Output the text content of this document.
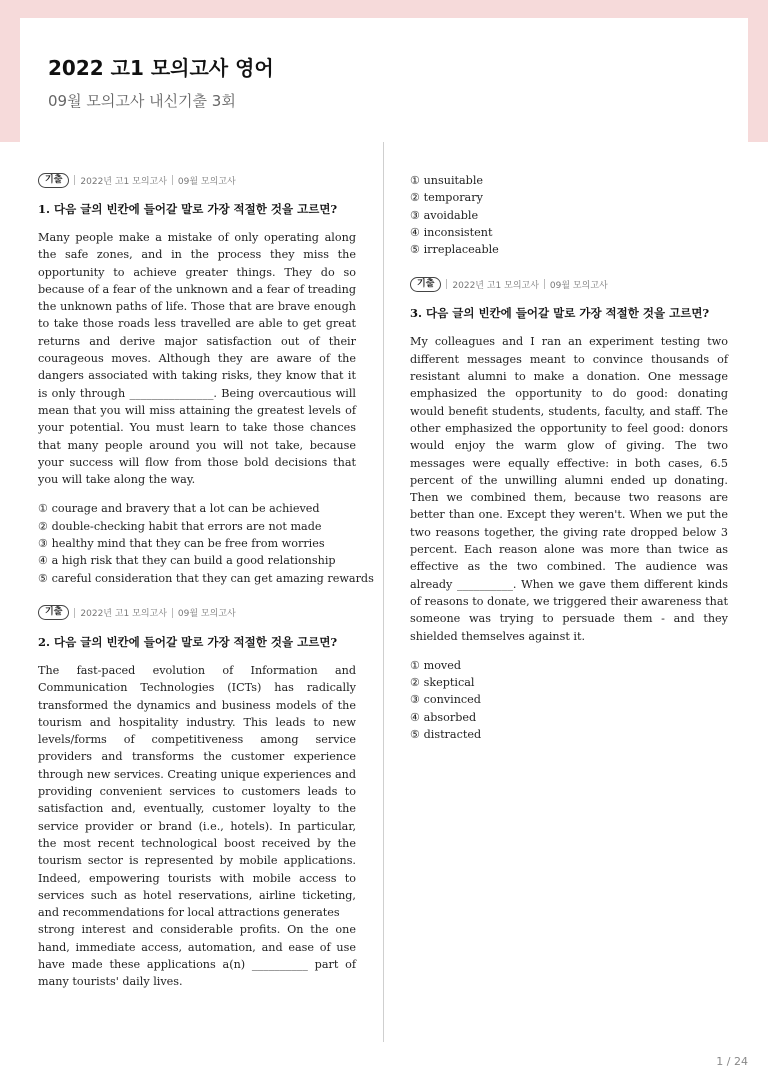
2022 고1 모의고사 영어
09월 모의고사 내신기출 3회
기출	2022년 고1 모의고사 09월 모의고사
1. 다음 글의 빈칸에 들어갈 말로 가장 적절한 것을 고르면?

Many people make a mistake of only operating along the safe zones, and in the process they miss the opportunity to achieve greater things. They do so because of a fear of the unknown and a fear of treading the unknown paths of life. Those that are brave enough to take those roads less travelled are able to get great returns and derive major satisfaction out of their courageous moves. Although they are aware of the dangers associated with taking risks, they know that it is only through _______________. Being overcautious will mean that you will miss attaining the greatest levels of your potential. You must learn to take those chances that many people around you will not take, because your success will flow from those bold decisions that you will take along the way.

① courage and bravery that a lot can be achieved
② double-checking habit that errors are not made
③ healthy mind that they can be free from worries
④ a high risk that they can build a good relationship
⑤ careful consideration that they can get amazing rewards
기출	2022년 고1 모의고사 09월 모의고사
2. 다음 글의 빈칸에 들어갈 말로 가장 적절한 것을 고르면?

The fast-paced evolution of Information and Communication Technologies (ICTs) has radically transformed the dynamics and business models of the tourism and hospitality industry. This leads to new levels/forms of competitiveness among service providers and transforms the customer experience through new services. Creating unique experiences and providing convenient services to customers leads to satisfaction and, eventually, customer loyalty to the service provider or brand (i.e., hotels). In particular, the most recent technological boost received by the tourism sector is represented by mobile applications. Indeed, empowering tourists with mobile access to services such as hotel reservations, airline ticketing, and recommendations for local attractions generates

strong interest and considerable profits. On the one hand, immediate access, automation, and ease of use have made these applications a(n) __________ part of many tourists' daily lives.

① unsuitable
② temporary
③ avoidable
④ inconsistent
⑤ irreplaceable
기출	2022년 고1 모의고사 09월 모의고사
3. 다음 글의 빈칸에 들어갈 말로 가장 적절한 것을 고르면?

My colleagues and I ran an experiment testing two different messages meant to convince thousands of resistant alumni to make a donation. One message emphasized the opportunity to do good: donating would benefit students, students, faculty, and staff. The other emphasized the opportunity to feel good: donors would enjoy the warm glow of giving. The two messages were equally effective: in both cases, 6.5 percent of the unwilling alumni ended up donating. Then we combined them, because two reasons are better than one. Except they weren't. When we put the two reasons together, the giving rate dropped below 3 percent. Each reason alone was more than twice as effective as the two combined. The audience was already __________. When we gave them different kinds of reasons to donate, we triggered their awareness that someone was trying to persuade them - and they shielded themselves against it.

① moved
② skeptical
③ convinced
④ absorbed
⑤ distracted
1 / 24
